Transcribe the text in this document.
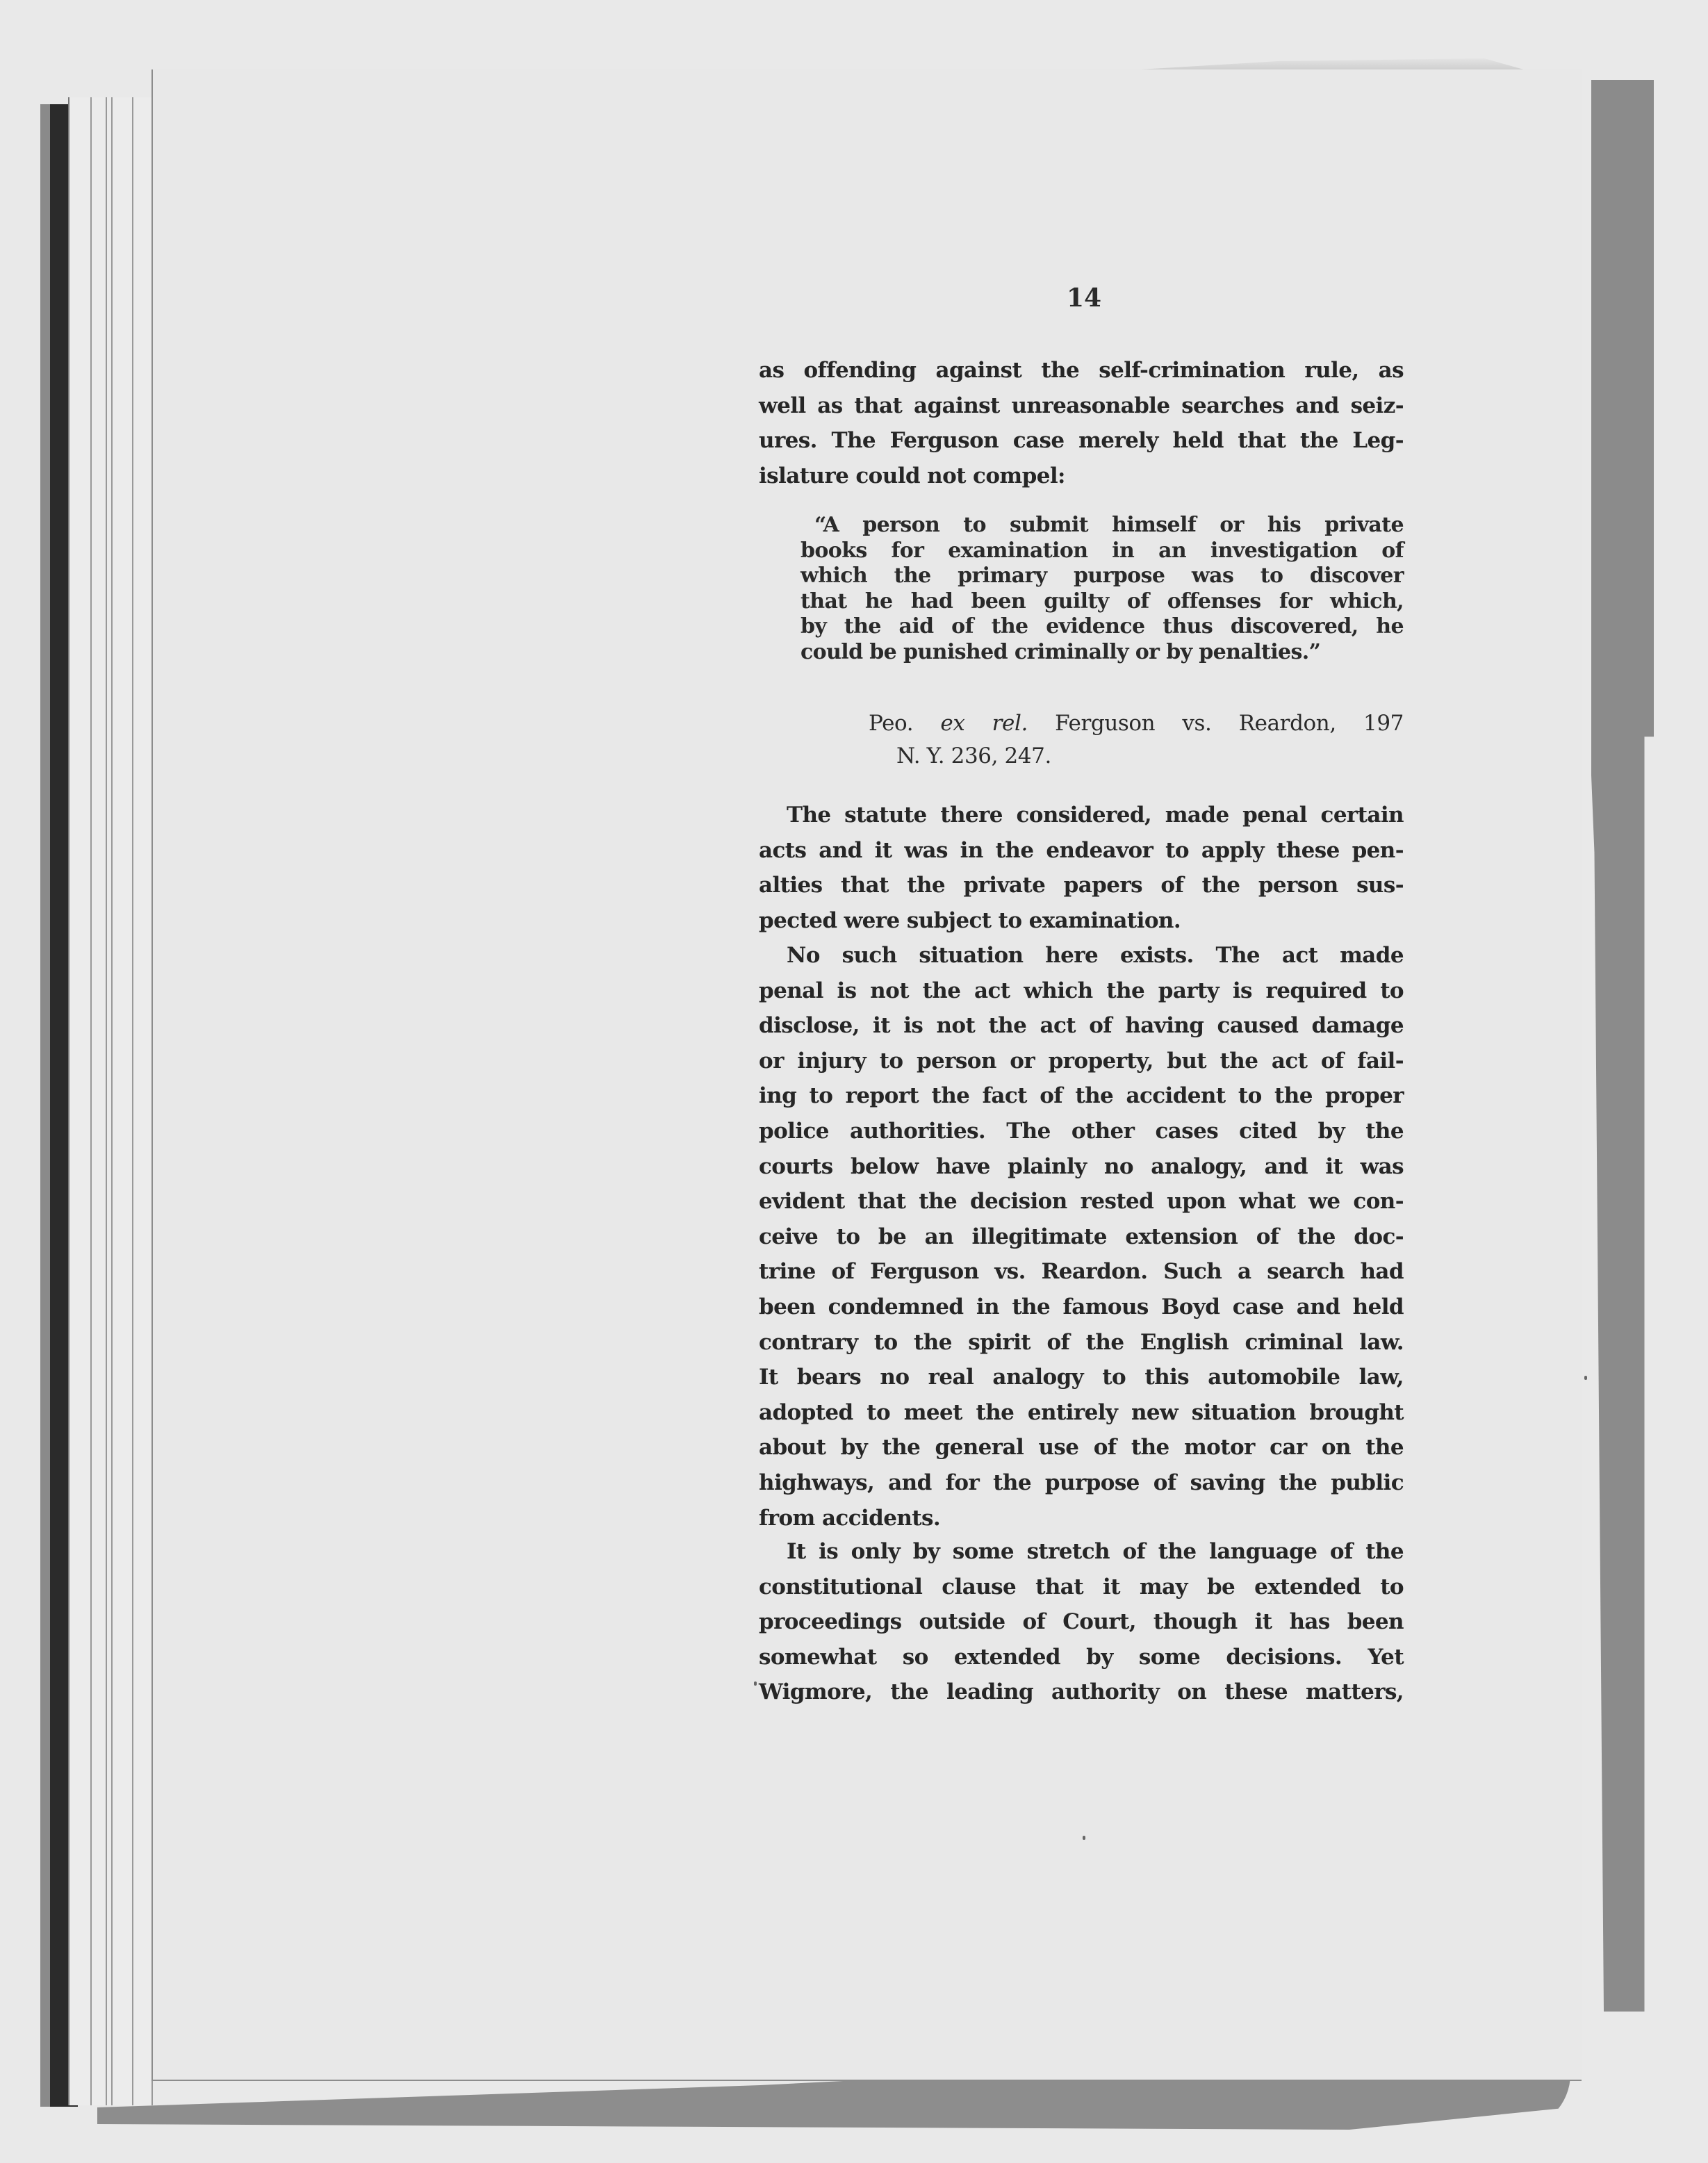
14

as offending against the self-crimination rule, as
well as that against unreasonable searches and seiz-
ures. The Ferguson case merely held that the Leg-
islature could not compel:

“A person to submit himself or his private
books for examination in an investigation of
which the primary purpose was to discover
that he had been guilty of offenses for which,
by the aid of the evidence thus discovered, he
could be punished criminally or by penalties.”
Peo. ex rel. Ferguson vs. Reardon, 197
N. Y. 236, 247.

The statute there considered, made penal certain
acts and it was in the endeavor to apply these pen-
alties that the private papers of the person sus-
pected were subject to examination.

No such situation here exists. The act made
penal is not the act which the party is required to
disclose, it is not the act of having caused damage
or injury to person or property, but the act of fail-
ing to report the fact of the accident to the proper
police authorities. The other cases cited by the
courts below have plainly no analogy, and it was
evident that the decision rested upon what we con-
ceive to be an illegitimate extension of the doc-
trine of Ferguson vs. Reardon. Such a search had
been condemned in the famous Boyd case and held
contrary to the spirit of the English criminal law.
It bears no real analogy to this automobile law,
adopted to meet the entirely new situation brought
about by the general use of the motor car on the
highways, and for the purpose of saving the public
from accidents.

It is only by some stretch of the language of the
constitutional clause that it may be extended to
proceedings outside of Court, though it has been
somewhat so extended by some decisions. Yet
Wigmore, the leading authority on these matters,
